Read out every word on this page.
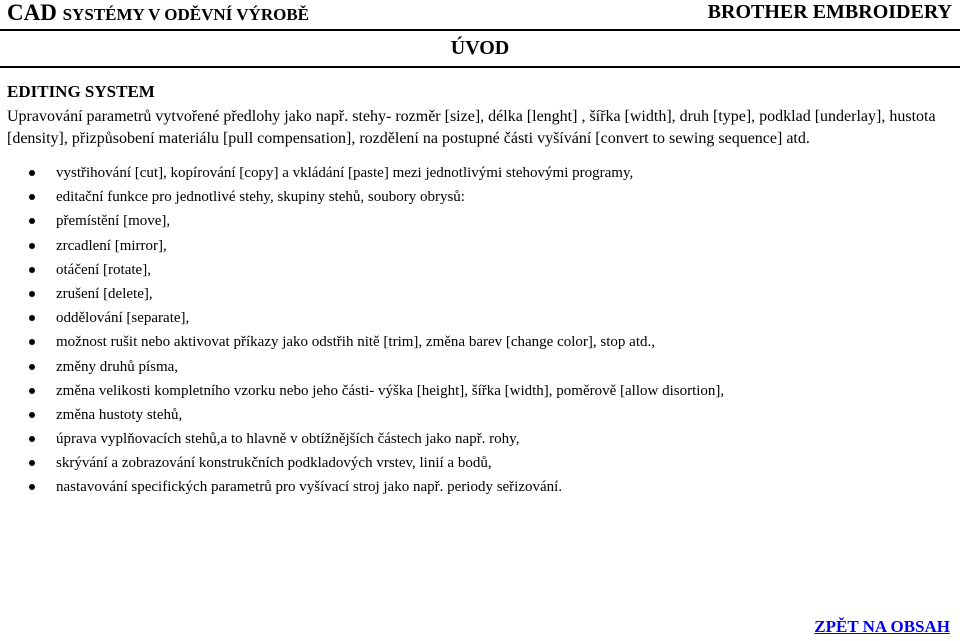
CAD SYSTÉMY V ODĚVNÍ VÝROBĚ	BROTHER EMBROIDERY
ÚVOD
EDITING SYSTEM
Upravování parametrů vytvořené předlohy jako např. stehy- rozměr [size], délka [lenght] , šířka [width], druh [type], podklad [underlay], hustota [density], přizpůsobení materiálu [pull compensation], rozdělení na postupné části vyšívání [convert to sewing sequence] atd.
vystřihování [cut], kopírování [copy] a vkládání [paste] mezi jednotlivými stehovými programy,
editační funkce pro jednotlivé stehy, skupiny stehů, soubory obrysů:
přemístění [move],
zrcadlení [mirror],
otáčení [rotate],
zrušení [delete],
oddělování [separate],
možnost rušit nebo aktivovat příkazy jako odstřih nitě [trim], změna barev [change color], stop atd.,
změny druhů písma,
změna velikosti kompletního vzorku nebo jeho části- výška [height], šířka [width], poměrově [allow disortion],
změna hustoty stehů,
úprava vyplňovacích stehů,a to hlavně v obtížnějších částech jako např. rohy,
skrývání a zobrazování konstrukčních podkladových vrstev, linií a bodů,
nastavování specifických parametrů pro vyšívací stroj jako např. periody seřizování.
ZPĚT NA OBSAH
